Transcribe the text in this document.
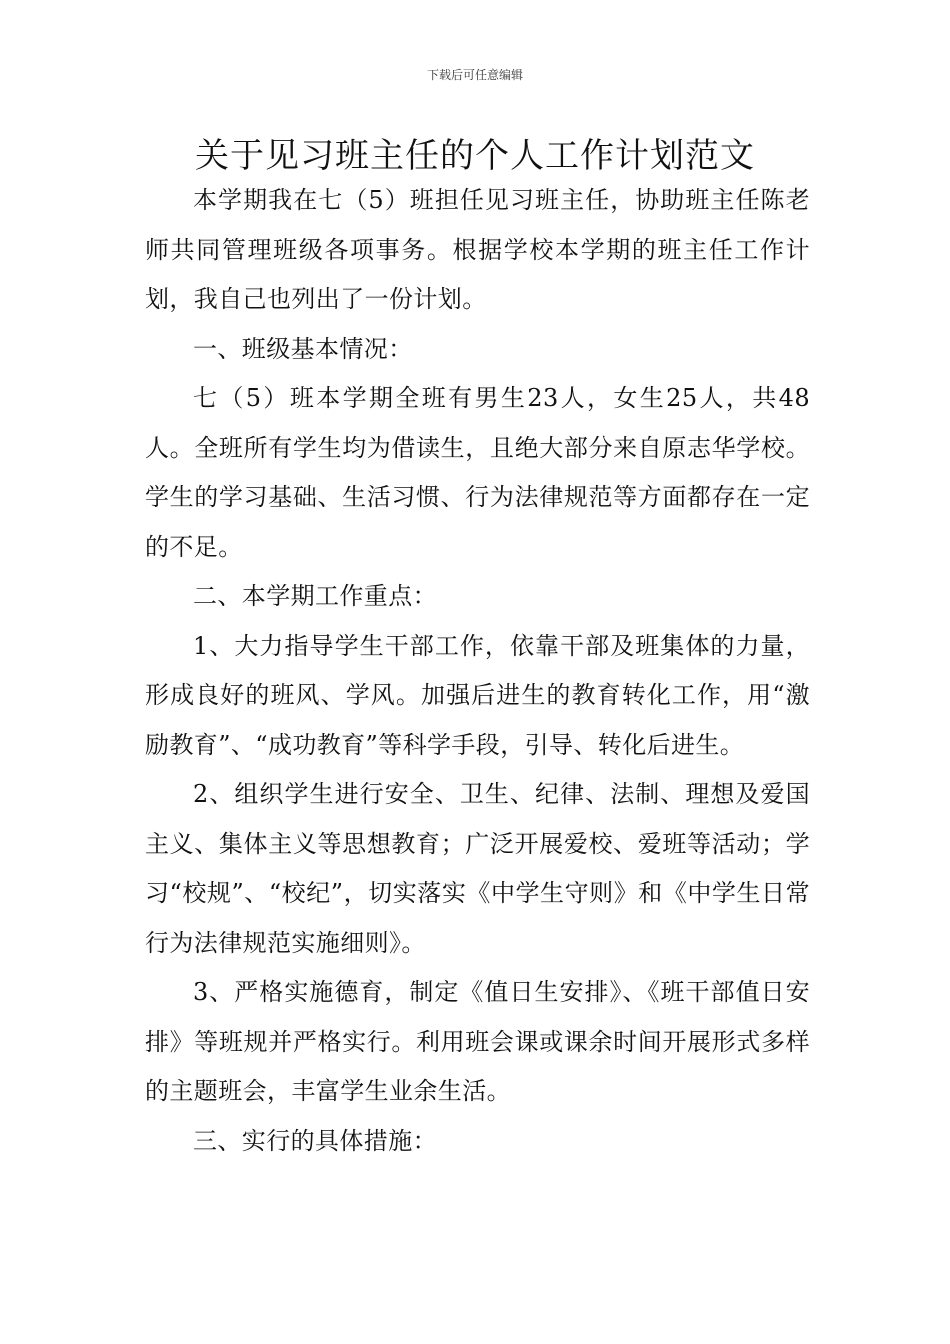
下载后可任意编辑
关于见习班主任的个人工作计划范文

本学期我在七（5）班担任见习班主任，协助班主任陈老师共同管理班级各项事务。根据学校本学期的班主任工作计划，我自己也列出了一份计划。

一、班级基本情况：

七（5）班本学期全班有男生23人，女生25人，共48人。全班所有学生均为借读生，且绝大部分来自原志华学校。学生的学习基础、生活习惯、行为法律规范等方面都存在一定的不足。

二、本学期工作重点：

1、大力指导学生干部工作，依靠干部及班集体的力量，形成良好的班风、学风。加强后进生的教育转化工作，用“激励教育”、“成功教育”等科学手段，引导、转化后进生。

2、组织学生进行安全、卫生、纪律、法制、理想及爱国主义、集体主义等思想教育；广泛开展爱校、爱班等活动；学习“校规”、“校纪”，切实落实《中学生守则》和《中学生日常行为法律规范实施细则》。

3、严格实施德育，制定《值日生安排》、《班干部值日安排》等班规并严格实行。利用班会课或课余时间开展形式多样的主题班会，丰富学生业余生活。

三、实行的具体措施：
